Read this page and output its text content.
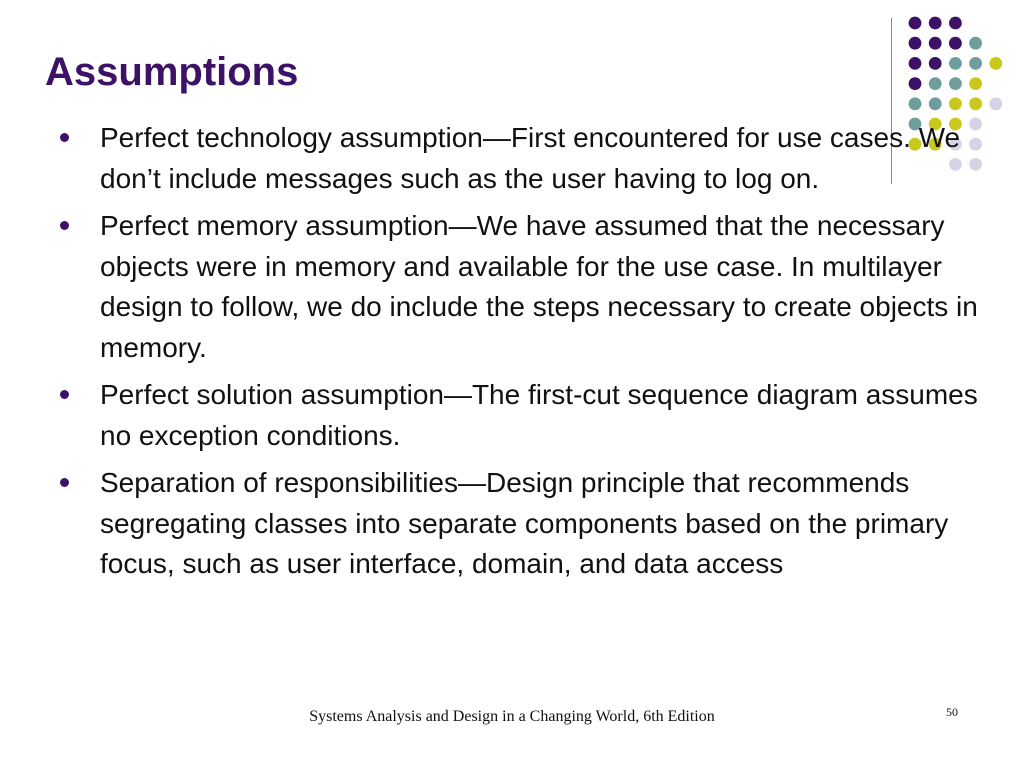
Assumptions
Perfect technology assumption—First encountered for use cases. We don’t include messages such as the user having to log on.
Perfect memory assumption—We have assumed that the necessary objects were in memory and available for the use case. In multilayer design to follow, we do include the steps necessary to create objects in memory.
Perfect solution assumption—The first-cut sequence diagram assumes no exception conditions.
Separation of responsibilities—Design principle that recommends segregating classes into separate components based on the primary focus, such as user interface, domain, and data access
Systems Analysis and Design in a Changing World, 6th Edition	50
